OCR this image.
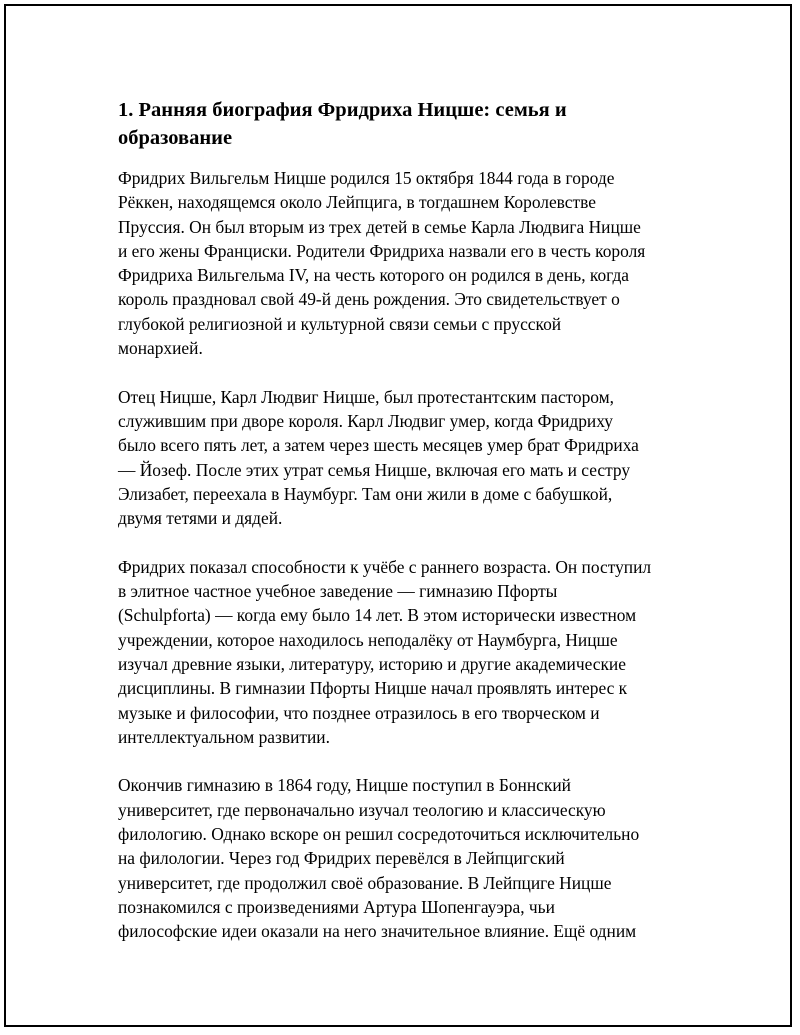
1. Ранняя биография Фридриха Ницше: семья и
образование
Фридрих Вильгельм Ницше родился 15 октября 1844 года в городе
Рёккен, находящемся около Лейпцига, в тогдашнем Королевстве
Пруссия. Он был вторым из трех детей в семье Карла Людвига Ницше
и его жены Франциски. Родители Фридриха назвали его в честь короля
Фридриха Вильгельма IV, на честь которого он родился в день, когда
король праздновал свой 49-й день рождения. Это свидетельствует о
глубокой религиозной и культурной связи семьи с прусской
монархией.
Отец Ницше, Карл Людвиг Ницше, был протестантским пастором,
служившим при дворе короля. Карл Людвиг умер, когда Фридриху
было всего пять лет, а затем через шесть месяцев умер брат Фридриха
— Йозеф. После этих утрат семья Ницше, включая его мать и сестру
Элизабет, переехала в Наумбург. Там они жили в доме с бабушкой,
двумя тетями и дядей.
Фридрих показал способности к учёбе с раннего возраста. Он поступил
в элитное частное учебное заведение — гимназию Пфорты
(Schulpforta) — когда ему было 14 лет. В этом исторически известном
учреждении, которое находилось неподалёку от Наумбурга, Ницше
изучал древние языки, литературу, историю и другие академические
дисциплины. В гимназии Пфорты Ницше начал проявлять интерес к
музыке и философии, что позднее отразилось в его творческом и
интеллектуальном развитии.
Окончив гимназию в 1864 году, Ницше поступил в Боннский
университет, где первоначально изучал теологию и классическую
филологию. Однако вскоре он решил сосредоточиться исключительно
на филологии. Через год Фридрих перевёлся в Лейпцигский
университет, где продолжил своё образование. В Лейпциге Ницше
познакомился с произведениями Артура Шопенгауэра, чьи
философские идеи оказали на него значительное влияние. Ещё одним
